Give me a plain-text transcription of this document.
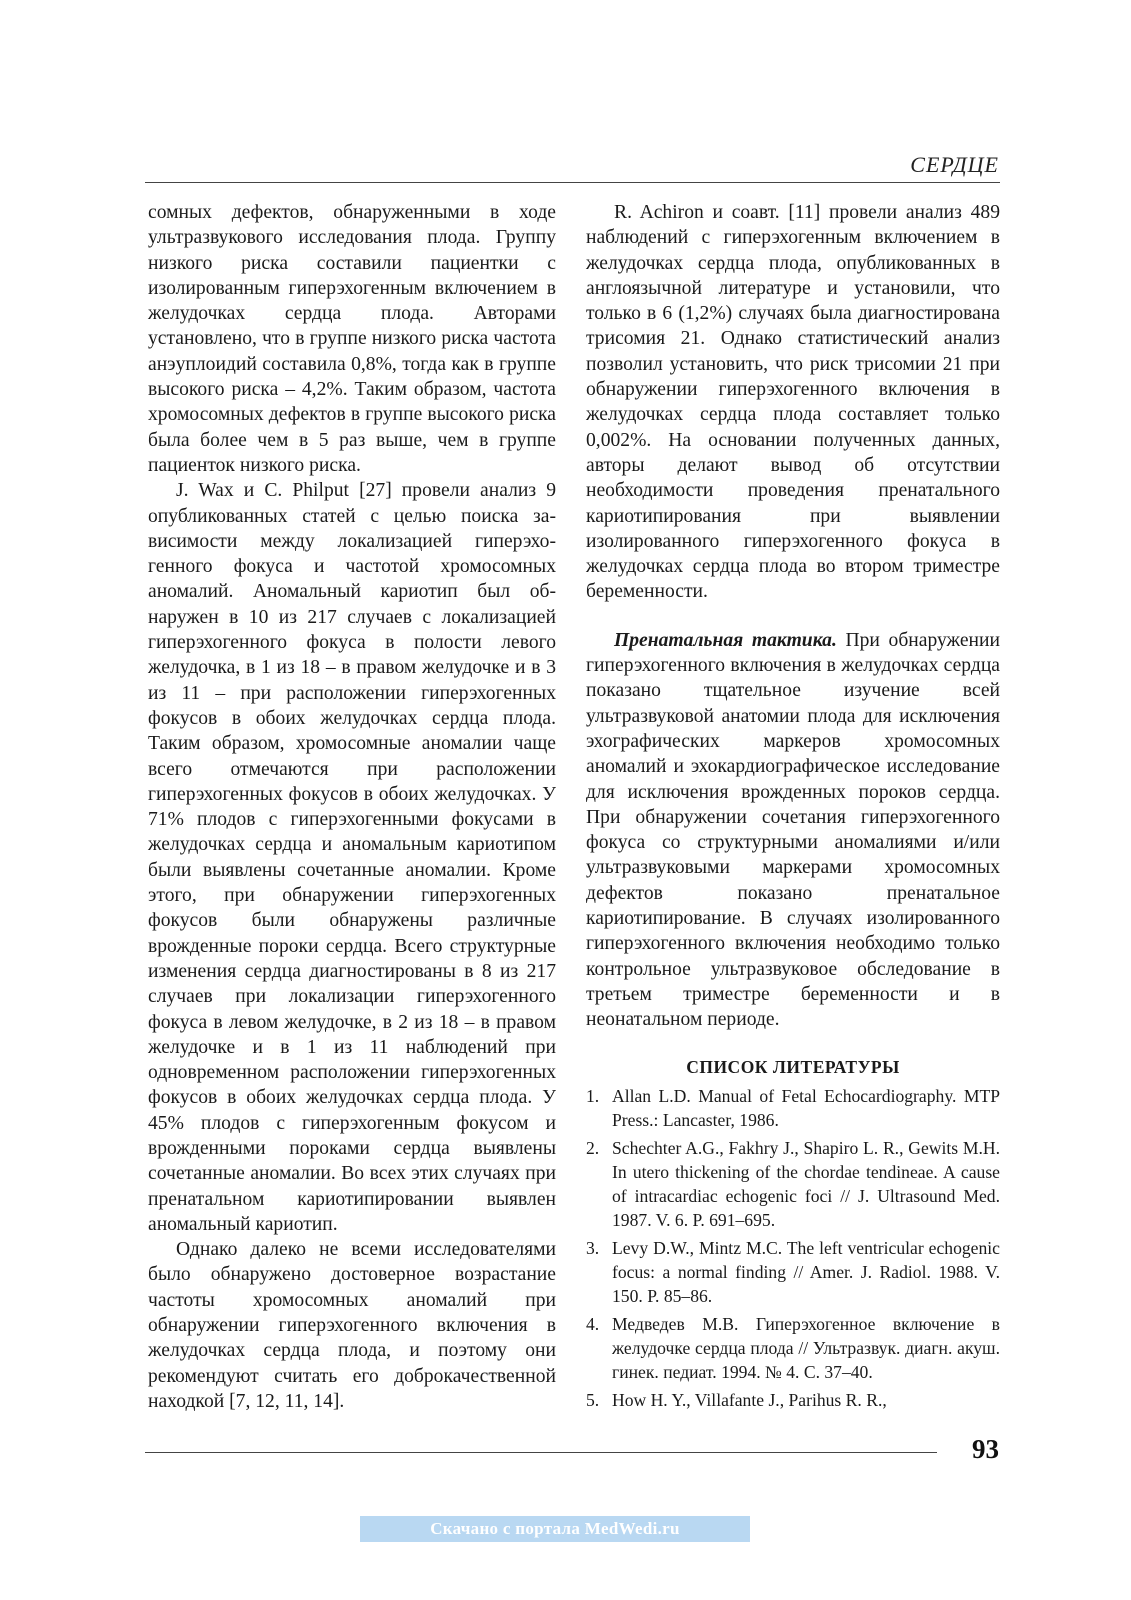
СЕРДЦЕ

сомных дефектов, обнаруженными в ходе ультразвукового исследования плода. Группу низкого риска составили пациентки с изолированным гиперэхогенным включением в желудочках сердца плода. Авторами установлено, что в группе низкого риска частота анэуплоидий составила 0,8%, тогда как в группе высокого риска – 4,2%. Таким образом, частота хромосомных дефектов в группе высокого риска была более чем в 5 раз выше, чем в группе пациенток низкого риска.

J. Wax и C. Philput [27] провели анализ 9 опубликованных статей с целью поиска зависимости между локализацией гиперэхогенного фокуса и частотой хромосомных аномалий. Аномальный кариотип был обнаружен в 10 из 217 случаев с локализацией гиперэхогенного фокуса в полости левого желудочка, в 1 из 18 – в правом желудочке и в 3 из 11 – при расположении гиперэхогенных фокусов в обоих желудочках сердца плода. Таким образом, хромосомные аномалии чаще всего отмечаются при расположении гиперэхогенных фокусов в обоих желудочках. У 71% плодов с гиперэхогенными фокусами в желудочках сердца и аномальным кариотипом были выявлены сочетанные аномалии. Кроме этого, при обнаружении гиперэхогенных фокусов были обнаружены различные врожденные пороки сердца. Всего структурные изменения сердца диагностированы в 8 из 217 случаев при локализации гиперэхогенного фокуса в левом желудочке, в 2 из 18 – в правом желудочке и в 1 из 11 наблюдений при одновременном расположении гиперэхогенных фокусов в обоих желудочках сердца плода. У 45% плодов с гиперэхогенным фокусом и врожденными пороками сердца выявлены сочетанные аномалии. Во всех этих случаях при пренатальном кариотипировании выявлен аномальный кариотип.

Однако далеко не всеми исследователями было обнаружено достоверное возрастание частоты хромосомных аномалий при обнаружении гиперэхогенного включения в желудочках сердца плода, и поэтому они рекомендуют считать его доброкачественной находкой [7, 12, 11, 14].

R. Achiron и соавт. [11] провели анализ 489 наблюдений с гиперэхогенным включением в желудочках сердца плода, опубликованных в англоязычной литературе и установили, что только в 6 (1,2%) случаях была диагностирована трисомия 21. Однако статистический анализ позволил установить, что риск трисомии 21 при обнаружении гиперэхогенного включения в желудочках сердца плода составляет только 0,002%. На основании полученных данных, авторы делают вывод об отсутствии необходимости проведения пренатального кариотипирования при выявлении изолированного гиперэхогенного фокуса в желудочках сердца плода во втором триместре беременности.

Пренатальная тактика. При обнаружении гиперэхогенного включения в желудочках сердца показано тщательное изучение всей ультразвуковой анатомии плода для исключения эхографических маркеров хромосомных аномалий и эхокардиографическое исследование для исключения врожденных пороков сердца. При обнаружении сочетания гиперэхогенного фокуса со структурными аномалиями и/или ультразвуковыми маркерами хромосомных дефектов показано пренатальное кариотипирование. В случаях изолированного гиперэхогенного включения необходимо только контрольное ультразвуковое обследование в третьем триместре беременности и в неонатальном периоде.

СПИСОК ЛИТЕРАТУРЫ
1. Allan L.D. Manual of Fetal Echocardiography. MTP Press.: Lancaster, 1986.
2. Schechter A.G., Fakhry J., Shapiro L. R., Gewits M.H. In utero thickening of the chordae tendineae. A cause of intracardiac echogenic foci // J. Ultrasound Med. 1987. V. 6. P. 691–695.
3. Levy D.W., Mintz M.C. The left ventricular echogenic focus: a normal finding // Amer. J. Radiol. 1988. V. 150. P. 85–86.
4. Медведев М.В. Гиперэхогенное включение в желудочке сердца плода // Ультразвук. диагн. акуш. гинек. педиат. 1994. № 4. С. 37–40.
5. How H. Y., Villafante J., Parihus R. R.,
93
Скачано с портала MedWedi.ru
